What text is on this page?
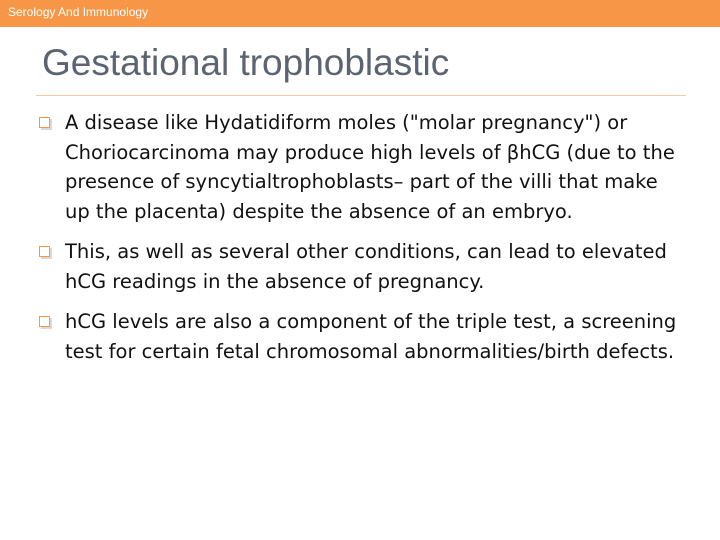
Serology And Immunology
Gestational trophoblastic
A disease like Hydatidiform moles ("molar pregnancy") or Choriocarcinoma may produce high levels of βhCG (due to the presence of syncytialtrophoblasts– part of the villi that make up the placenta) despite the absence of an embryo.
This, as well as several other conditions, can lead to elevated hCG readings in the absence of pregnancy.
hCG levels are also a component of the triple test, a screening test for certain fetal chromosomal abnormalities/birth defects.
